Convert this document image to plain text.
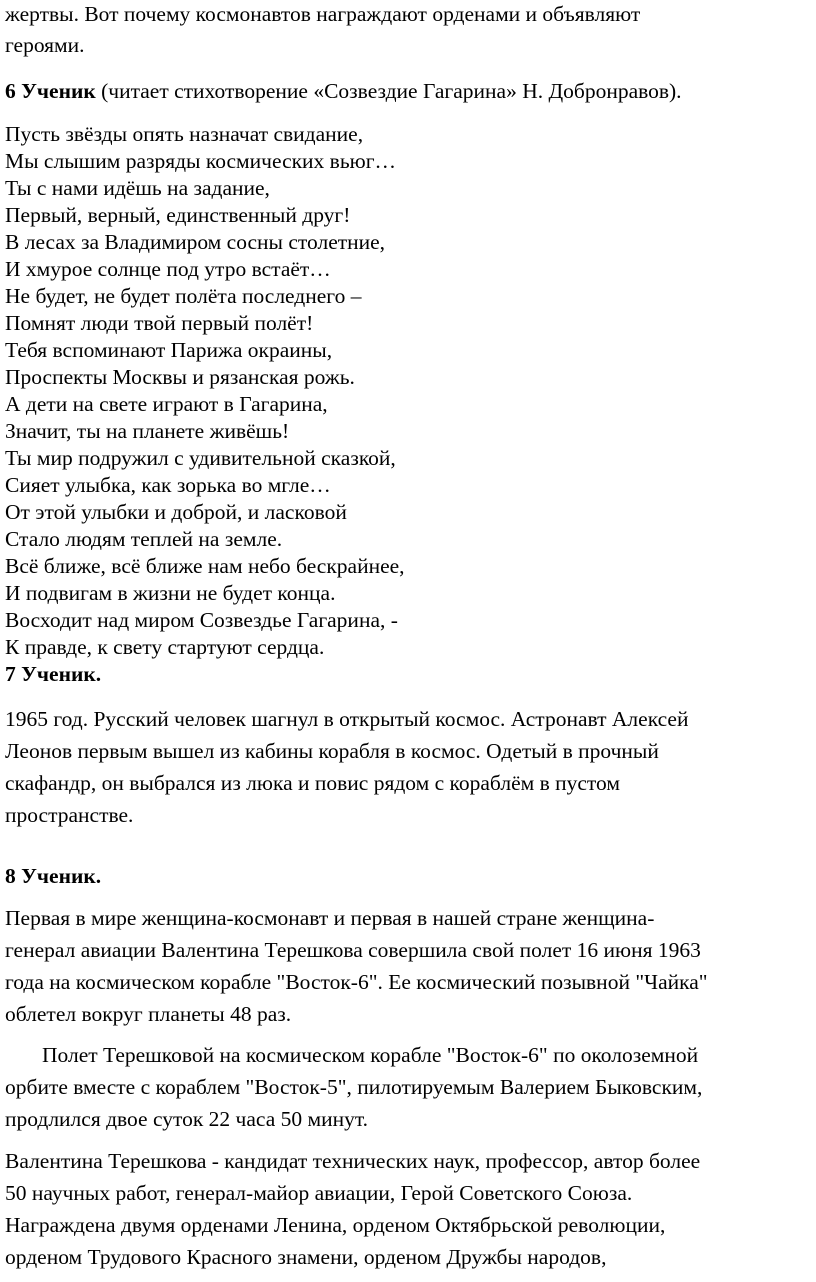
жертвы. Вот почему космонавтов награждают орденами и объявляют
героями.
6 Ученик (читает стихотворение «Созвездие Гагарина» Н. Добронравов).
Пусть звёзды опять назначат свидание,
Мы слышим разряды космических вьюг…
Ты с нами идёшь на задание,
Первый, верный, единственный друг!
В лесах за Владимиром сосны столетние,
И хмурое солнце под утро встаёт…
Не будет, не будет полёта последнего –
Помнят люди твой первый полёт!
Тебя вспоминают Парижа окраины,
Проспекты Москвы и рязанская рожь.
А дети на свете играют в Гагарина,
Значит, ты на планете живёшь!
Ты мир подружил с удивительной сказкой,
Сияет улыбка, как зорька во мгле…
От этой улыбки и доброй, и ласковой
Стало людям теплей на земле.
Всё ближе, всё ближе нам небо бескрайнее,
И подвигам в жизни не будет конца.
Восходит над миром Созвездье Гагарина, -
К правде, к свету стартуют сердца.
7 Ученик.
1965 год. Русский человек шагнул в открытый космос. Астронавт Алексей
Леонов первым вышел из кабины корабля в космос. Одетый в прочный
скафандр, он выбрался из люка и повис рядом с кораблём в пустом
пространстве.
8 Ученик.
Первая в мире женщина-космонавт и первая в нашей стране женщина-
генерал авиации Валентина Терешкова совершила свой полет 16 июня 1963
года на космическом корабле "Восток-6". Ее космический позывной "Чайка"
облетел вокруг планеты 48 раз.
Полет Терешковой на космическом корабле "Восток-6" по околоземной
орбите вместе с кораблем "Восток-5", пилотируемым Валерием Быковским,
продлился двое суток 22 часа 50 минут.
Валентина Терешкова - кандидат технических наук, профессор, автор более
50 научных работ, генерал-майор авиации, Герой Советского Союза.
Награждена двумя орденами Ленина, орденом Октябрьской революции,
орденом Трудового Красного знамени, орденом Дружбы народов,
